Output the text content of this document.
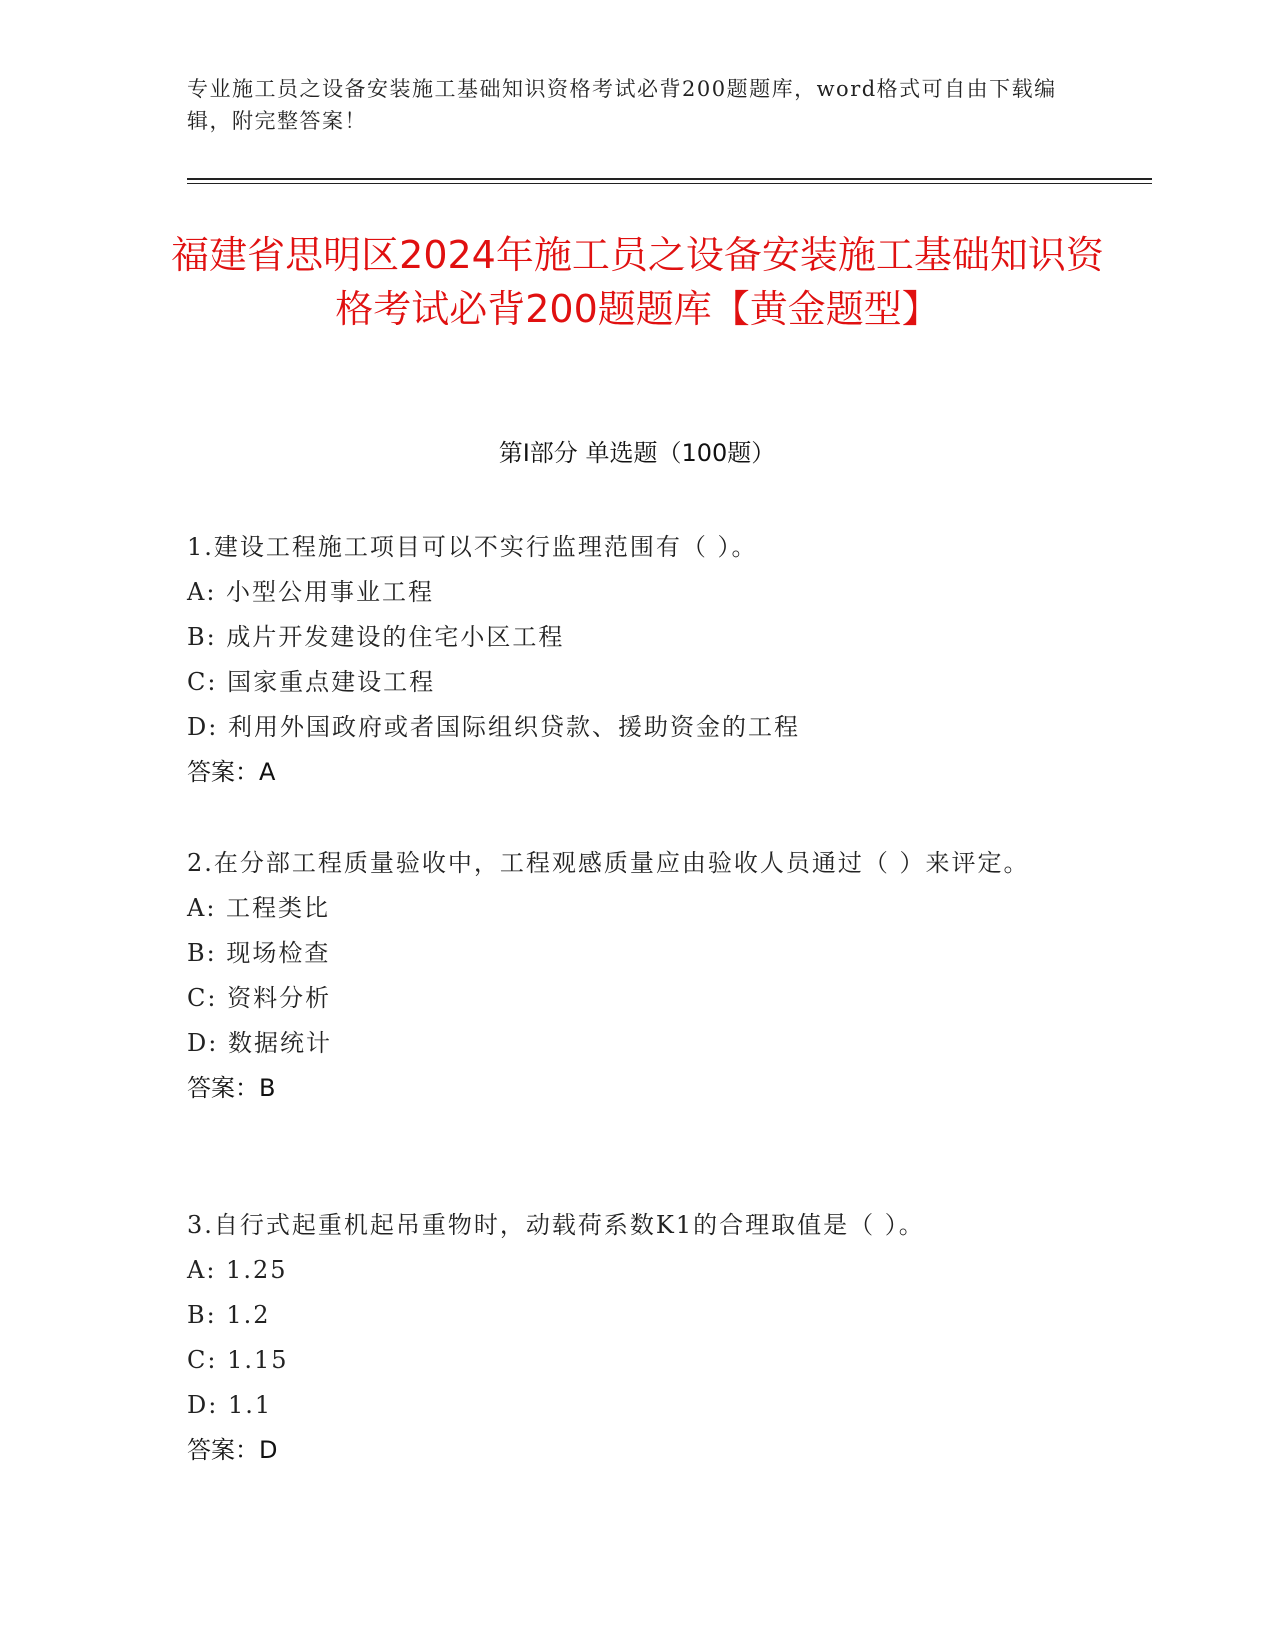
专业施工员之设备安装施工基础知识资格考试必背200题题库，word格式可自由下载编辑，附完整答案！
福建省思明区2024年施工员之设备安装施工基础知识资格考试必背200题题库【黄金题型】
第Ⅰ部分 单选题（100题）

1.建设工程施工项目可以不实行监理范围有（ ）。

A: 小型公用事业工程

B: 成片开发建设的住宅小区工程

C: 国家重点建设工程

D: 利用外国政府或者国际组织贷款、援助资金的工程

答案：A

2.在分部工程质量验收中，工程观感质量应由验收人员通过（ ）来评定。

A: 工程类比

B: 现场检查

C: 资料分析

D: 数据统计

答案：B

3.自行式起重机起吊重物时，动载荷系数K1的合理取值是（ ）。

A: 1.25

B: 1.2

C: 1.15

D: 1.1

答案：D
